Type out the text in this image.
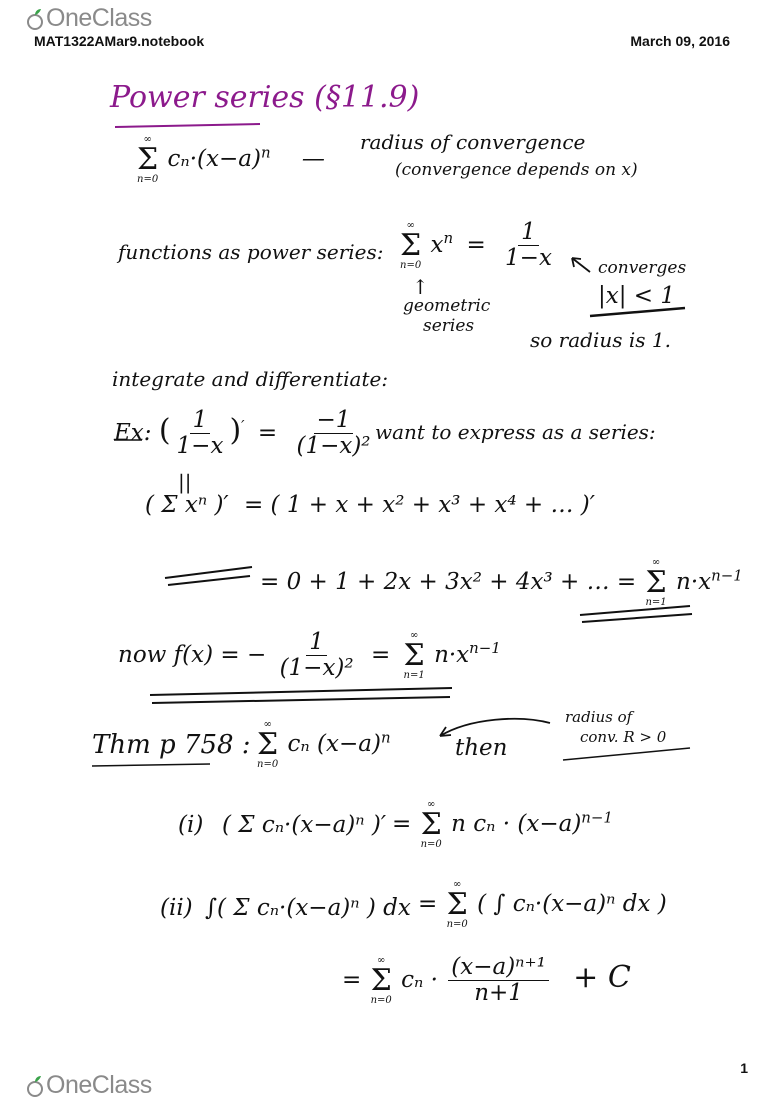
OneClass
MAT1322AMar9.notebook	March 09, 2016
Power series (§11.9)
∞
Σ
n=0
$c_n\cdot(x-a)^n$ —
radius of convergence
(convergence depends on x)
functions as power series:
∞
Σ
n=0
$x^n = \frac{1}{1-x}$
↑
geometric
series
converges
|x| < 1
so radius is 1.
integrate and differentiate:
Ex: ( $\frac{1}{1-x} )' = \frac{-1}{\text{(1−x)²}}$ want to express as a series:
||
( Σ xⁿ )′ = ( 1 + x + x² + x³ + x⁴ + … )′
= 0 + 1 + 2x + 3x² + 4x³ + … =
∞
Σ
n=1
$n\cdot x^{n-1}$
now f(x) = − $\frac{1}{\text{(1−x)²}}$ =
∞
Σ
n=1
$n\cdot x^{n-1}$
Thm p 758 :
∞
Σ
n=0
cₙ $(x-a)^n$	then
radius of
conv. R > 0
(i) ( Σ cₙ·(x−a)ⁿ )′ =
∞
Σ
n=0
n $c_n \cdot (x-a)^{n-1}$
(ii) ∫( Σ cₙ·(x−a)ⁿ ) dx =
∞
Σ
n=0
( ∫ cₙ·(x−a)ⁿ dx )
=
∞
Σ
n=0
$c_n \cdot \frac{\text{(x−a)ⁿ⁺¹}}{n+1} + C$
OneClass
1
